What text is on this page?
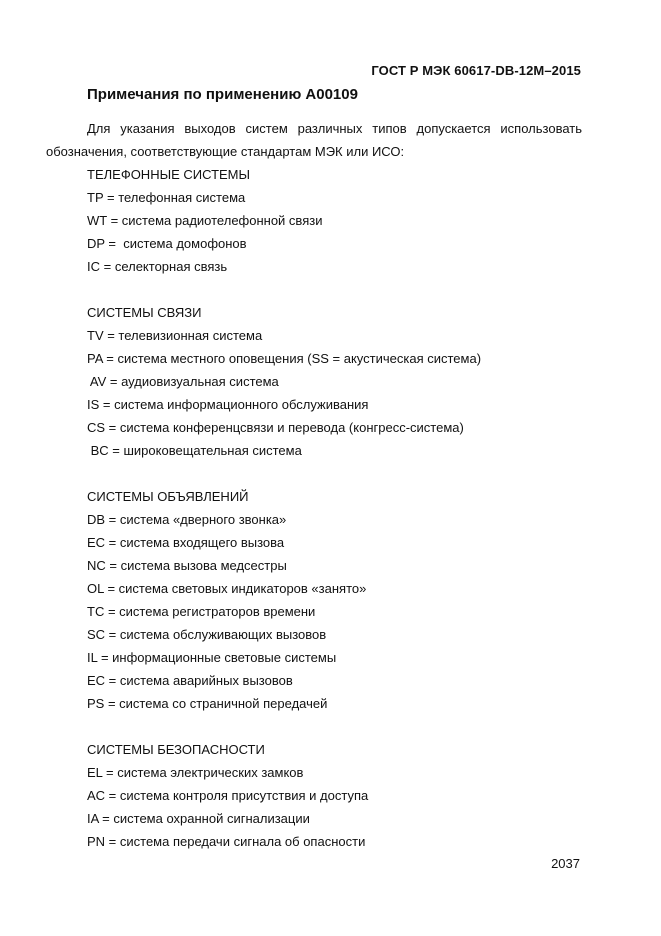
ГОСТ Р МЭК 60617-DB-12M–2015
Примечания по применению A00109
Для указания выходов систем различных типов допускается использовать
обозначения, соответствующие стандартам МЭК или ИСО:
ТЕЛЕФОННЫЕ СИСТЕМЫ
TP = телефонная система
WT = система радиотелефонной связи
DP =  система домофонов
IC = селекторная связь
СИСТЕМЫ СВЯЗИ
TV = телевизионная система
PA = система местного оповещения (SS = акустическая система)
AV = аудиовизуальная система
IS = система информационного обслуживания
CS = система конференцсвязи и перевода (конгресс-система)
BC = широковещательная система
СИСТЕМЫ ОБЪЯВЛЕНИЙ
DB = система «дверного звонка»
EC = система входящего вызова
NC = система вызова медсестры
OL = система световых индикаторов «занято»
TC = система регистраторов времени
SC = система обслуживающих вызовов
IL = информационные световые системы
EC = система аварийных вызовов
PS = система со страничной передачей
СИСТЕМЫ БЕЗОПАСНОСТИ
EL = система электрических замков
AC = система контроля присутствия и доступа
IA = система охранной сигнализации
PN = система передачи сигнала об опасности
2037
